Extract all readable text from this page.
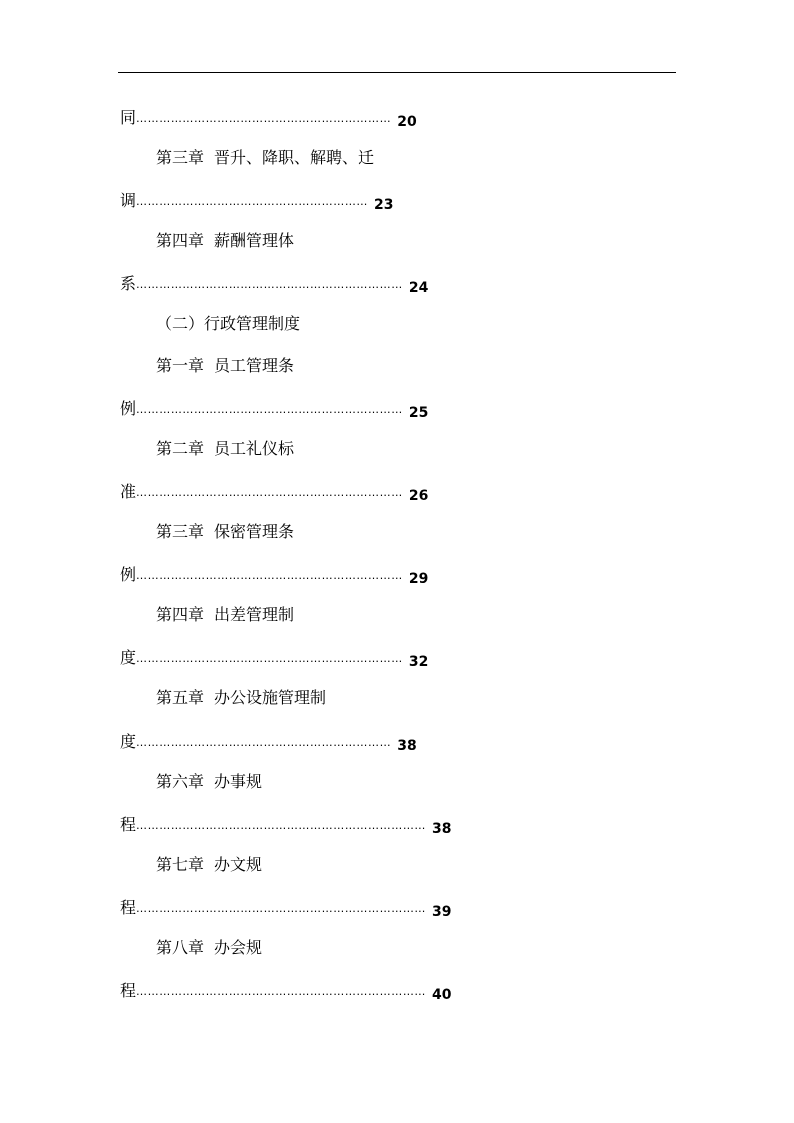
同………………………………………………………… 20
第三章 晋升、降职、解聘、迁
调…………………………………………………… 23
第四章 薪酬管理体
系…………………………………………………………… 24
（二）行政管理制度
第一章 员工管理条
例…………………………………………………………… 25
第二章 员工礼仪标
准…………………………………………………………… 26
第三章 保密管理条
例…………………………………………………………… 29
第四章 出差管理制
度…………………………………………………………… 32
第五章 办公设施管理制
度………………………………………………………… 38
第六章 办事规
程………………………………………………………………… 38
第七章 办文规
程………………………………………………………………… 39
第八章 办会规
程………………………………………………………………… 40
